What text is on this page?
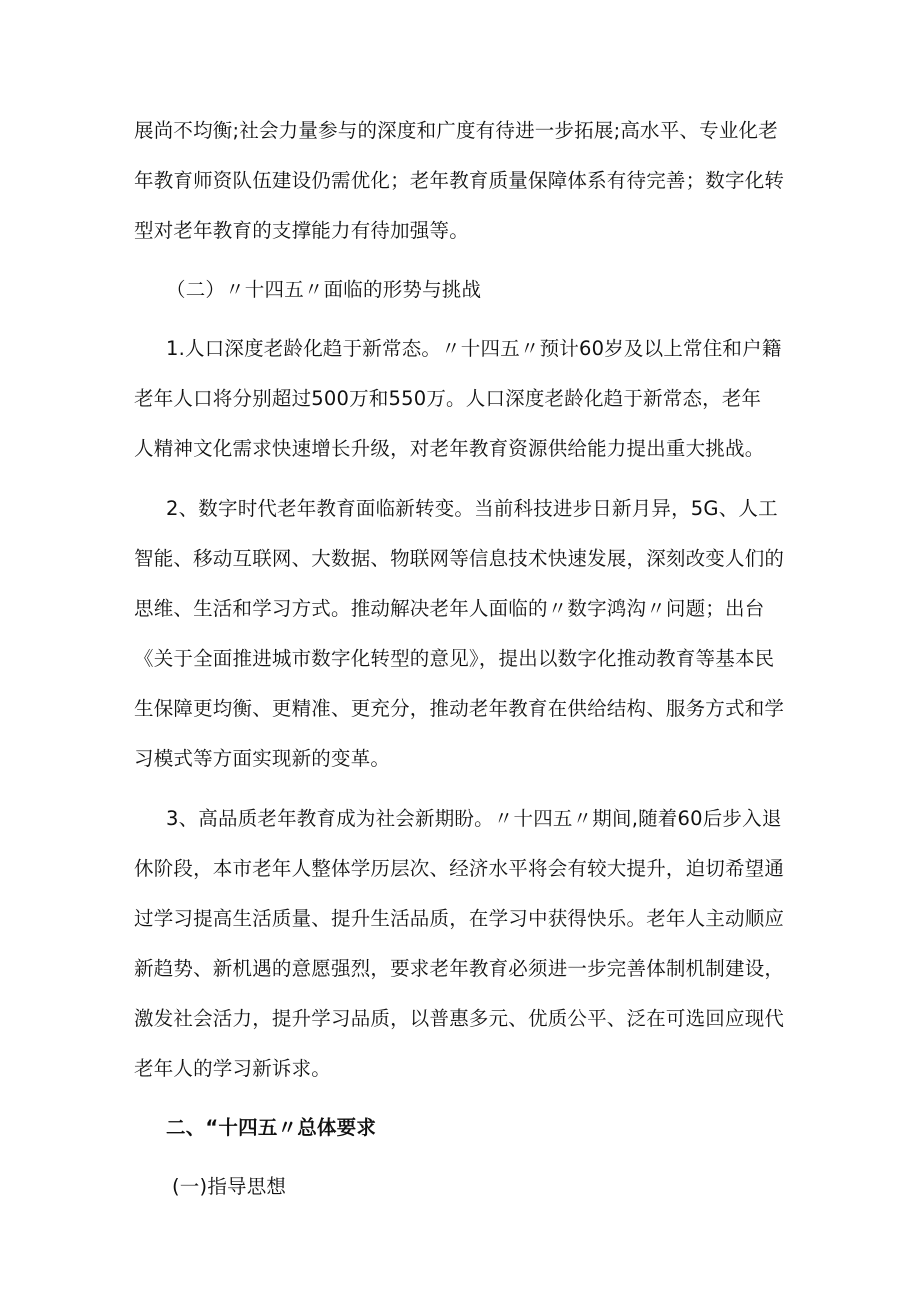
展尚不均衡;社会力量参与的深度和广度有待进一步拓展;高水平、专业化老
年教育师资队伍建设仍需优化；老年教育质量保障体系有待完善；数字化转
型对老年教育的支撑能力有待加强等。
（二）〃十四五〃面临的形势与挑战
1.人口深度老龄化趋于新常态。〃十四五〃预计60岁及以上常住和户籍
老年人口将分别超过500万和550万。人口深度老龄化趋于新常态，老年
人精神文化需求快速增长升级，对老年教育资源供给能力提出重大挑战。
2、数字时代老年教育面临新转变。当前科技进步日新月异，5G、人工
智能、移动互联网、大数据、物联网等信息技术快速发展，深刻改变人们的
思维、生活和学习方式。推动解决老年人面临的〃数字鸿沟〃问题；出台
《关于全面推进城市数字化转型的意见》，提出以数字化推动教育等基本民
生保障更均衡、更精准、更充分，推动老年教育在供给结构、服务方式和学
习模式等方面实现新的变革。
3、高品质老年教育成为社会新期盼。〃十四五〃期间,随着60后步入退
休阶段，本市老年人整体学历层次、经济水平将会有较大提升，迫切希望通
过学习提高生活质量、提升生活品质，在学习中获得快乐。老年人主动顺应
新趋势、新机遇的意愿强烈，要求老年教育必须进一步完善体制机制建设，
激发社会活力，提升学习品质，以普惠多元、优质公平、泛在可选回应现代
老年人的学习新诉求。
二、“十四五〃总体要求
(一)指导思想
